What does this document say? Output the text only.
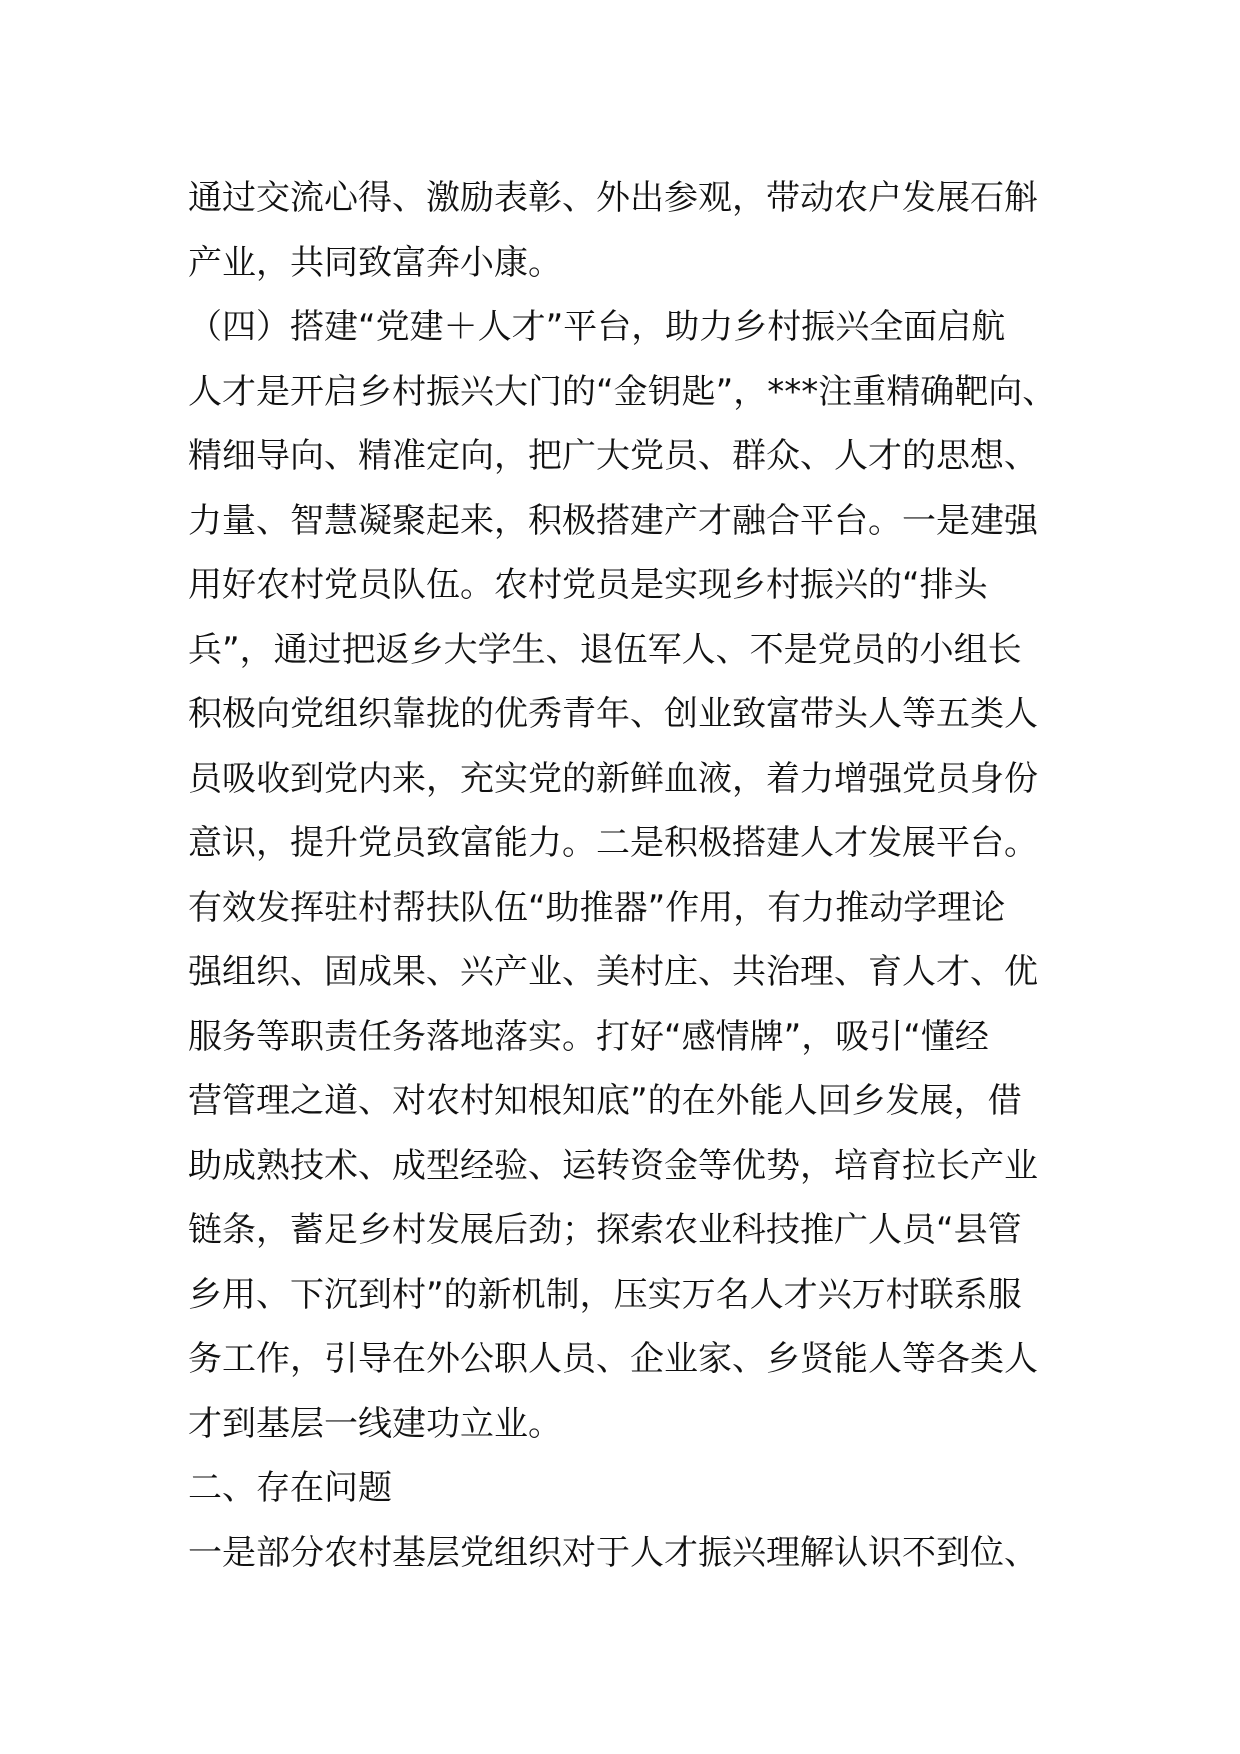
通过交流心得、激励表彰、外出参观，带动农户发展石斛
产业，共同致富奔小康。
（四）搭建“党建＋人才”平台，助力乡村振兴全面启航
人才是开启乡村振兴大门的“金钥匙”，***注重精确靶向、
精细导向、精准定向，把广大党员、群众、人才的思想、
力量、智慧凝聚起来，积极搭建产才融合平台。一是建强
用好农村党员队伍。农村党员是实现乡村振兴的“排头
兵”，通过把返乡大学生、退伍军人、不是党员的小组长
积极向党组织靠拢的优秀青年、创业致富带头人等五类人
员吸收到党内来，充实党的新鲜血液，着力增强党员身份
意识，提升党员致富能力。二是积极搭建人才发展平台。
有效发挥驻村帮扶队伍“助推器”作用，有力推动学理论
强组织、固成果、兴产业、美村庄、共治理、育人才、优
服务等职责任务落地落实。打好“感情牌”，吸引“懂经
营管理之道、对农村知根知底”的在外能人回乡发展，借
助成熟技术、成型经验、运转资金等优势，培育拉长产业
链条，蓄足乡村发展后劲；探索农业科技推广人员“县管
乡用、下沉到村”的新机制，压实万名人才兴万村联系服
务工作，引导在外公职人员、企业家、乡贤能人等各类人
才到基层一线建功立业。
二、存在问题
一是部分农村基层党组织对于人才振兴理解认识不到位、
